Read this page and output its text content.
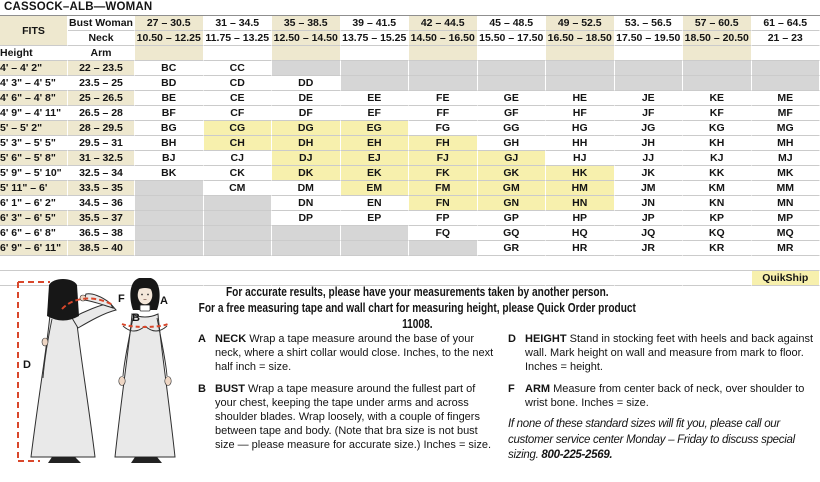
CASSOCK–ALB—WOMAN
FITS	Bust Woman	27 – 30.5	31 – 34.5	35 – 38.5	39 – 41.5	42 – 44.5	45 – 48.5	49 – 52.5	53. – 56.5	57 – 60.5	61 – 64.5
	Neck	10.50 – 12.25	11.75 – 13.25	12.50 – 14.50	13.75 – 15.25	14.50 – 16.50	15.50 – 17.50	16.50 – 18.50	17.50 – 19.50	18.50 – 20.50	21 – 23
Height	Arm										
4' – 4' 2"	22 – 23.5	BC	CC								
4' 3" – 4' 5"	23.5 – 25	BD	CD	DD							
4' 6" – 4' 8"	25 – 26.5	BE	CE	DE	EE	FE	GE	HE	JE	KE	ME
4' 9" – 4' 11"	26.5 – 28	BF	CF	DF	EF	FF	GF	HF	JF	KF	MF
5' – 5' 2"	28 – 29.5	BG	CG	DG	EG	FG	GG	HG	JG	KG	MG
5' 3" – 5' 5"	29.5 – 31	BH	CH	DH	EH	FH	GH	HH	JH	KH	MH
5' 6" – 5' 8"	31 – 32.5	BJ	CJ	DJ	EJ	FJ	GJ	HJ	JJ	KJ	MJ
5' 9" – 5' 10"	32.5 – 34	BK	CK	DK	EK	FK	GK	HK	JK	KK	MK
5' 11" – 6'	33.5 – 35		CM	DM	EM	FM	GM	HM	JM	KM	MM
6' 1" – 6' 2"	34.5 – 36			DN	EN	FN	GN	HN	JN	KN	MN
6' 3" – 6' 5"	35.5 – 37			DP	EP	FP	GP	HP	JP	KP	MP
6' 6" – 6' 8"	36.5 – 38					FQ	GQ	HQ	JQ	KQ	MQ
6' 9" – 6' 11"	38.5 – 40						GR	HR	JR	KR	MR

											QuikShip
D
F	A
B
For accurate results, please have your measurements taken by another person.
For a free measuring tape and wall chart for measuring height, please Quick Order product 11008.
A NECK Wrap a tape measure around the base of your neck, where a shirt collar would close. Inches, to the next half inch = size.
B BUST Wrap a tape measure around the fullest part of your chest, keeping the tape under arms and across shoulder blades. Wrap loosely, with a couple of fingers between tape and body. (Note that bra size is not bust size — please measure for accurate size.) Inches = size.
D HEIGHT Stand in stocking feet with heels and back against wall. Mark height on wall and measure from mark to floor. Inches = height.
F ARM Measure from center back of neck, over shoulder to wrist bone. Inches = size.
If none of these standard sizes will fit you, please call our customer service center Monday – Friday to discuss special sizing. 800-225-2569.
